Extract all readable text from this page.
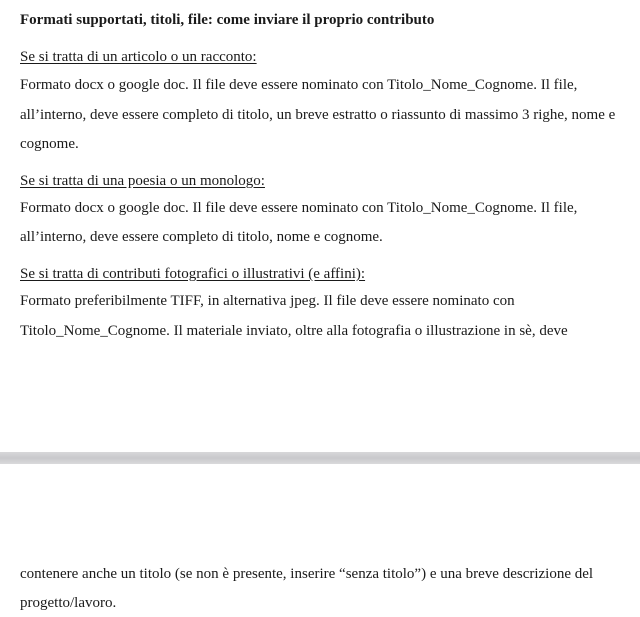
Formati supportati, titoli, file: come inviare il proprio contributo
Se si tratta di un articolo o un racconto:
Formato docx o google doc. Il file deve essere nominato con Titolo_Nome_Cognome. Il file,
all’interno, deve essere completo di titolo, un breve estratto o riassunto di massimo 3 righe, nome e
cognome.
Se si tratta di una poesia o un monologo:
Formato docx o google doc. Il file deve essere nominato con Titolo_Nome_Cognome. Il file,
all’interno, deve essere completo di titolo, nome e cognome.
Se si tratta di contributi fotografici o illustrativi (e affini):
Formato preferibilmente TIFF, in alternativa jpeg. Il file deve essere nominato con
Titolo_Nome_Cognome. Il materiale inviato, oltre alla fotografia o illustrazione in sè, deve
contenere anche un titolo (se non è presente, inserire “senza titolo”) e una breve descrizione del
progetto/lavoro.
